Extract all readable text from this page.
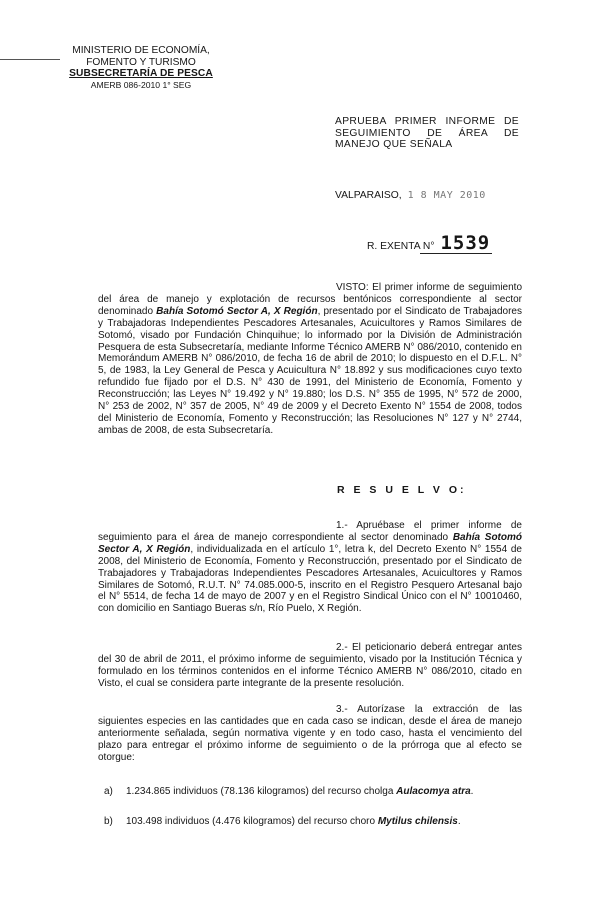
MINISTERIO DE ECONOMÍA,
FOMENTO Y TURISMO
SUBSECRETARÍA DE PESCA
AMERB 086-2010 1° SEG
APRUEBA PRIMER INFORME DE SEGUIMIENTO DE ÁREA DE MANEJO QUE SEÑALA
VALPARAISO, 1 8 MAY 2010
R. EXENTA N° 1539
VISTO: El primer informe de seguimiento del área de manejo y explotación de recursos bentónicos correspondiente al sector denominado Bahía Sotomó Sector A, X Región, presentado por el Sindicato de Trabajadores y Trabajadoras Independientes Pescadores Artesanales, Acuicultores y Ramos Similares de Sotomó, visado por Fundación Chinquihue; lo informado por la División de Administración Pesquera de esta Subsecretaría, mediante Informe Técnico AMERB N° 086/2010, contenido en Memorándum AMERB N° 086/2010, de fecha 16 de abril de 2010; lo dispuesto en el D.F.L. N° 5, de 1983, la Ley General de Pesca y Acuicultura N° 18.892 y sus modificaciones cuyo texto refundido fue fijado por el D.S. N° 430 de 1991, del Ministerio de Economía, Fomento y Reconstrucción; las Leyes N° 19.492 y N° 19.880; los D.S. N° 355 de 1995, N° 572 de 2000, N° 253 de 2002, N° 357 de 2005, N° 49 de 2009 y el Decreto Exento N° 1554 de 2008, todos del Ministerio de Economía, Fomento y Reconstrucción; las Resoluciones N° 127 y N° 2744, ambas de 2008, de esta Subsecretaría.
R E S U E L V O:
1.- Apruébase el primer informe de seguimiento para el área de manejo correspondiente al sector denominado Bahía Sotomó Sector A, X Región, individualizada en el artículo 1°, letra k, del Decreto Exento N° 1554 de 2008, del Ministerio de Economía, Fomento y Reconstrucción, presentado por el Sindicato de Trabajadores y Trabajadoras Independientes Pescadores Artesanales, Acuicultores y Ramos Similares de Sotomó, R.U.T. N° 74.085.000-5, inscrito en el Registro Pesquero Artesanal bajo el N° 5514, de fecha 14 de mayo de 2007 y en el Registro Sindical Único con el N° 10010460, con domicilio en Santiago Bueras s/n, Río Puelo, X Región.
2.- El peticionario deberá entregar antes del 30 de abril de 2011, el próximo informe de seguimiento, visado por la Institución Técnica y formulado en los términos contenidos en el informe Técnico AMERB N° 086/2010, citado en Visto, el cual se considera parte integrante de la presente resolución.
3.- Autorízase la extracción de las siguientes especies en las cantidades que en cada caso se indican, desde el área de manejo anteriormente señalada, según normativa vigente y en todo caso, hasta el vencimiento del plazo para entregar el próximo informe de seguimiento o de la prórroga que al efecto se otorgue:
a) 1.234.865 individuos (78.136 kilogramos) del recurso cholga Aulacomya atra.
b) 103.498 individuos (4.476 kilogramos) del recurso choro Mytilus chilensis.
